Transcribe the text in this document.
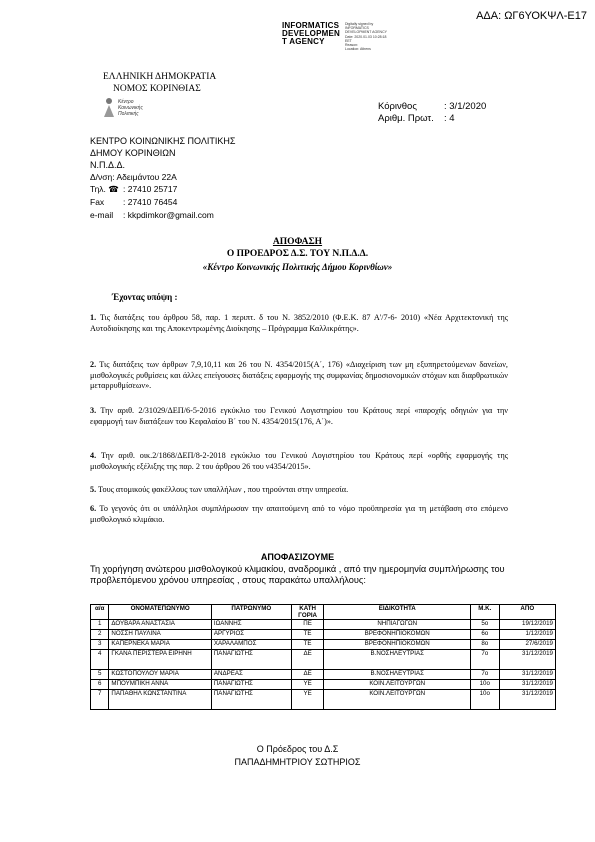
ΑΔΑ: ΩΓ6ΥΟΚΨΛ-Ε17
INFORMATICS
DEVELOPMEN
T AGENCY
Digitally signed by
INFORMATICS
DEVELOPMENT AGENCY
Date: 2020.01.03 10:28:18
EET
Reason:
Location: Athens
ΕΛΛΗΝΙΚΗ ΔΗΜΟΚΡΑΤΙΑ
ΝΟΜΟΣ ΚΟΡΙΝΘΙΑΣ
Κέντρο Κοινωνικής Πολιτικής
Κόρινθος	: 3/1/2020
Αριθμ. Πρωτ. : 4
ΚΕΝΤΡΟ ΚΟΙΝΩΝΙΚΗΣ ΠΟΛΙΤΙΚΗΣ
ΔΗΜΟΥ ΚΟΡΙΝΘΙΩΝ
Ν.Π.Δ.Δ.
Δ/νση: Αδειμάντου 22Α
Τηλ. ☎ : 27410 25717
Fax : 27410 76454
e-mail : kkpdimkor@gmail.com
ΑΠΟΦΑΣΗ
Ο ΠΡΟΕΔΡΟΣ Δ.Σ. ΤΟΥ Ν.Π.Δ.Δ.
«Κέντρο Κοινωνικής Πολιτικής Δήμου Κορινθίων»
Έχοντας υπόψη :
1. Τις διατάξεις του άρθρου 58, παρ. 1 περιπτ. δ του Ν. 3852/2010 (Φ.Ε.Κ. 87 Α'/7-6- 2010) «Νέα Αρχιτεκτονική της Αυτοδιοίκησης και της Αποκεντρωμένης Διοίκησης – Πρόγραμμα Καλλικράτης».
2. Τις διατάξεις των άρθρων 7,9,10,11 και 26 του Ν. 4354/2015(Α΄, 176) «Διαχείριση των μη εξυπηρετούμενων δανείων, μισθολογικές ρυθμίσεις και άλλες επείγουσες διατάξεις εφαρμογής της συμφωνίας δημοσιονομικών στόχων και διαρθρωτικών μεταρρυθμίσεων».
3. Την αριθ. 2/31029/ΔΕΠ/6-5-2016 εγκύκλιο του Γενικού Λογιστηρίου του Κράτους περί «παροχής οδηγιών για την εφαρμογή των διατάξεων του Κεφαλαίου Β΄ του Ν. 4354/2015(176, Α΄)».
4. Την αριθ. οικ.2/1868/ΔΕΠ/8-2-2018 εγκύκλιο του Γενικού Λογιστηρίου του Κράτους περί «ορθής εφαρμογής της μισθολογικής εξέλιξης της παρ. 2 του άρθρου 26 του ν4354/2015».
5. Τους ατομικούς φακέλλους των υπαλλήλων , που τηρούνται στην υπηρεσία.
6. Το γεγονός ότι οι υπάλληλοι συμπλήρωσαν την απαιτούμενη από το νόμο προϋπηρεσία για τη μετάβαση στο επόμενο μισθολογικό κλιμάκιο.
ΑΠΟΦΑΣΙΖΟΥΜΕ
Τη χορήγηση ανώτερου μισθολογικού κλιμακίου, αναδρομικά , από την ημερομηνία συμπλήρωσης του προβλεπόμενου χρόνου υπηρεσίας , στους παρακάτω υπαλλήλους:
α/α	ΟΝΟΜΑΤΕΠΩΝΥΜΟ	ΠΑΤΡΩΝΥΜΟ	ΚΑΤΗ ΓΟΡΙΑ	ΕΙΔΙΚΟΤΗΤΑ	Μ.Κ.	ΑΠΟ
1	ΔΟΥΒΑΡΑ ΑΝΑΣΤΑΣΙΑ	ΙΩΑΝΝΗΣ	ΠΕ	ΝΗΠΙΑΓΩΓΩΝ	5ο	19/12/2019
2	ΝΟΣΣΗ ΠΑΥΛΙΝΑ	ΑΡΓΥΡΙΟΣ	ΤΕ	ΒΡΕΦΟΝΗΠΙΟΚΟΜΩΝ	6ο	1/12/2019
3	ΚΑΠΕΡΝΕΚΑ ΜΑΡΙΑ	ΧΑΡΑΛΑΜΠΟΣ	ΤΕ	ΒΡΕΦΟΝΗΠΙΟΚΟΜΩΝ	8ο	27/6/2019
4	ΓΚΑΝΑ ΠΕΡΙΣΤΕΡΑ ΕΙΡΗΝΗ	ΠΑΝΑΓΙΩΤΗΣ	ΔΕ	Β.ΝΟΣΗΛΕΥΤΡΙΑΣ	7ο	31/12/2019
5	ΚΩΣΤΟΠΟΥΛΟΥ ΜΑΡΙΑ	ΑΝΔΡΕΑΣ	ΔΕ	Β.ΝΟΣΗΛΕΥΤΡΙΑΣ	7ο	31/12/2019
6	ΜΠΟΥΜΠΙΚΗ ΑΝΝΑ	ΠΑΝΑΓΙΩΤΗΣ	ΥΕ	ΚΟΙΝ.ΛΕΙΤΟΥΡΓΩΝ	10ο	31/12/2019
7	ΠΑΠΑΘΗΛ ΚΩΝΣΤΑΝΤΙΝΑ	ΠΑΝΑΓΙΩΤΗΣ	ΥΕ	ΚΟΙΝ.ΛΕΙΤΟΥΡΓΩΝ	10ο	31/12/2019
Ο Πρόεδρος του Δ.Σ
ΠΑΠΑΔΗΜΗΤΡΙΟΥ ΣΩΤΗΡΙΟΣ
